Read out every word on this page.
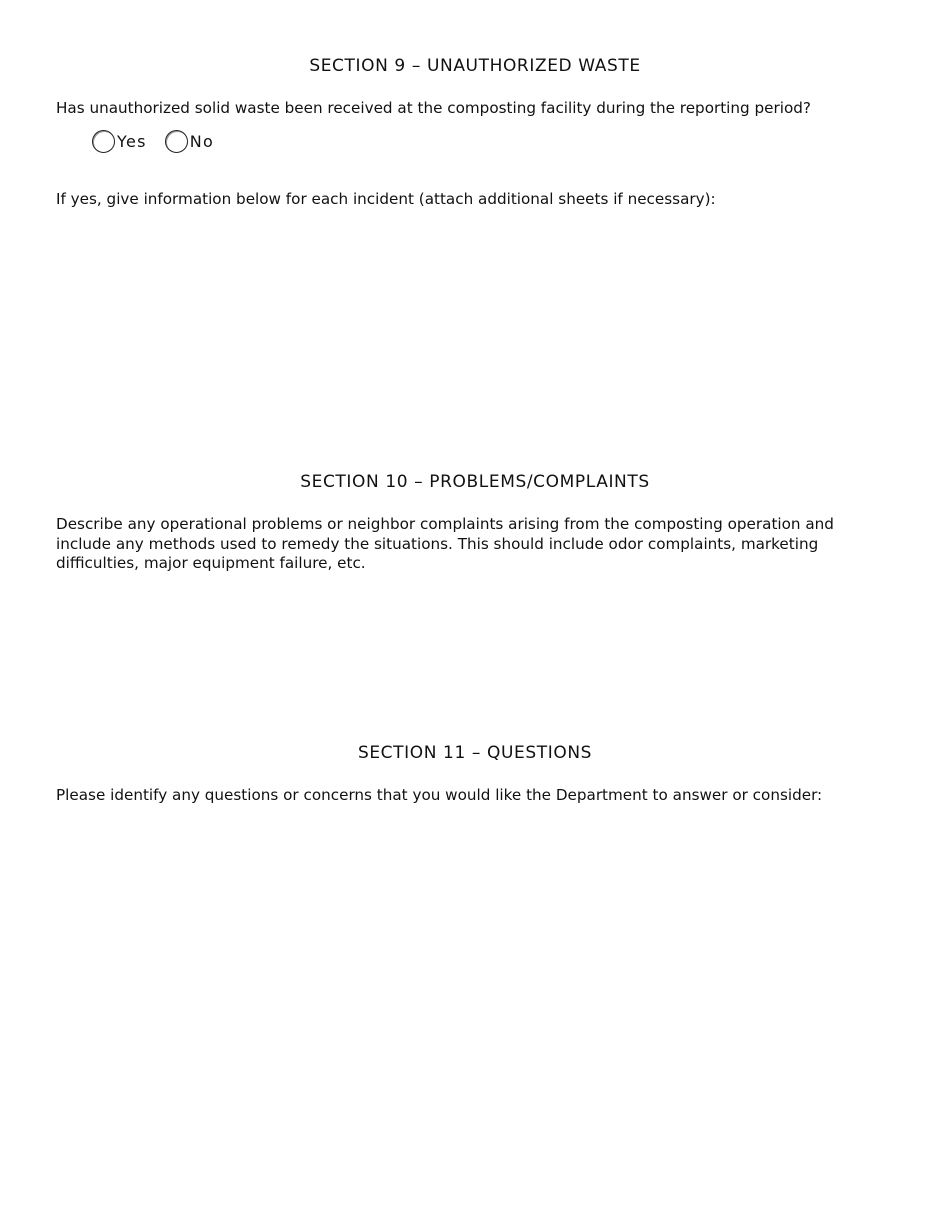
SECTION 9 – UNAUTHORIZED WASTE
Has unauthorized solid waste been received at the composting facility during the reporting period?
Yes	No
If yes, give information below for each incident (attach additional sheets if necessary):
SECTION 10 – PROBLEMS/COMPLAINTS
Describe any operational problems or neighbor complaints arising from the composting operation and include any methods used to remedy the situations. This should include odor complaints, marketing difficulties, major equipment failure, etc.
SECTION 11 – QUESTIONS
Please identify any questions or concerns that you would like the Department to answer or consider:
